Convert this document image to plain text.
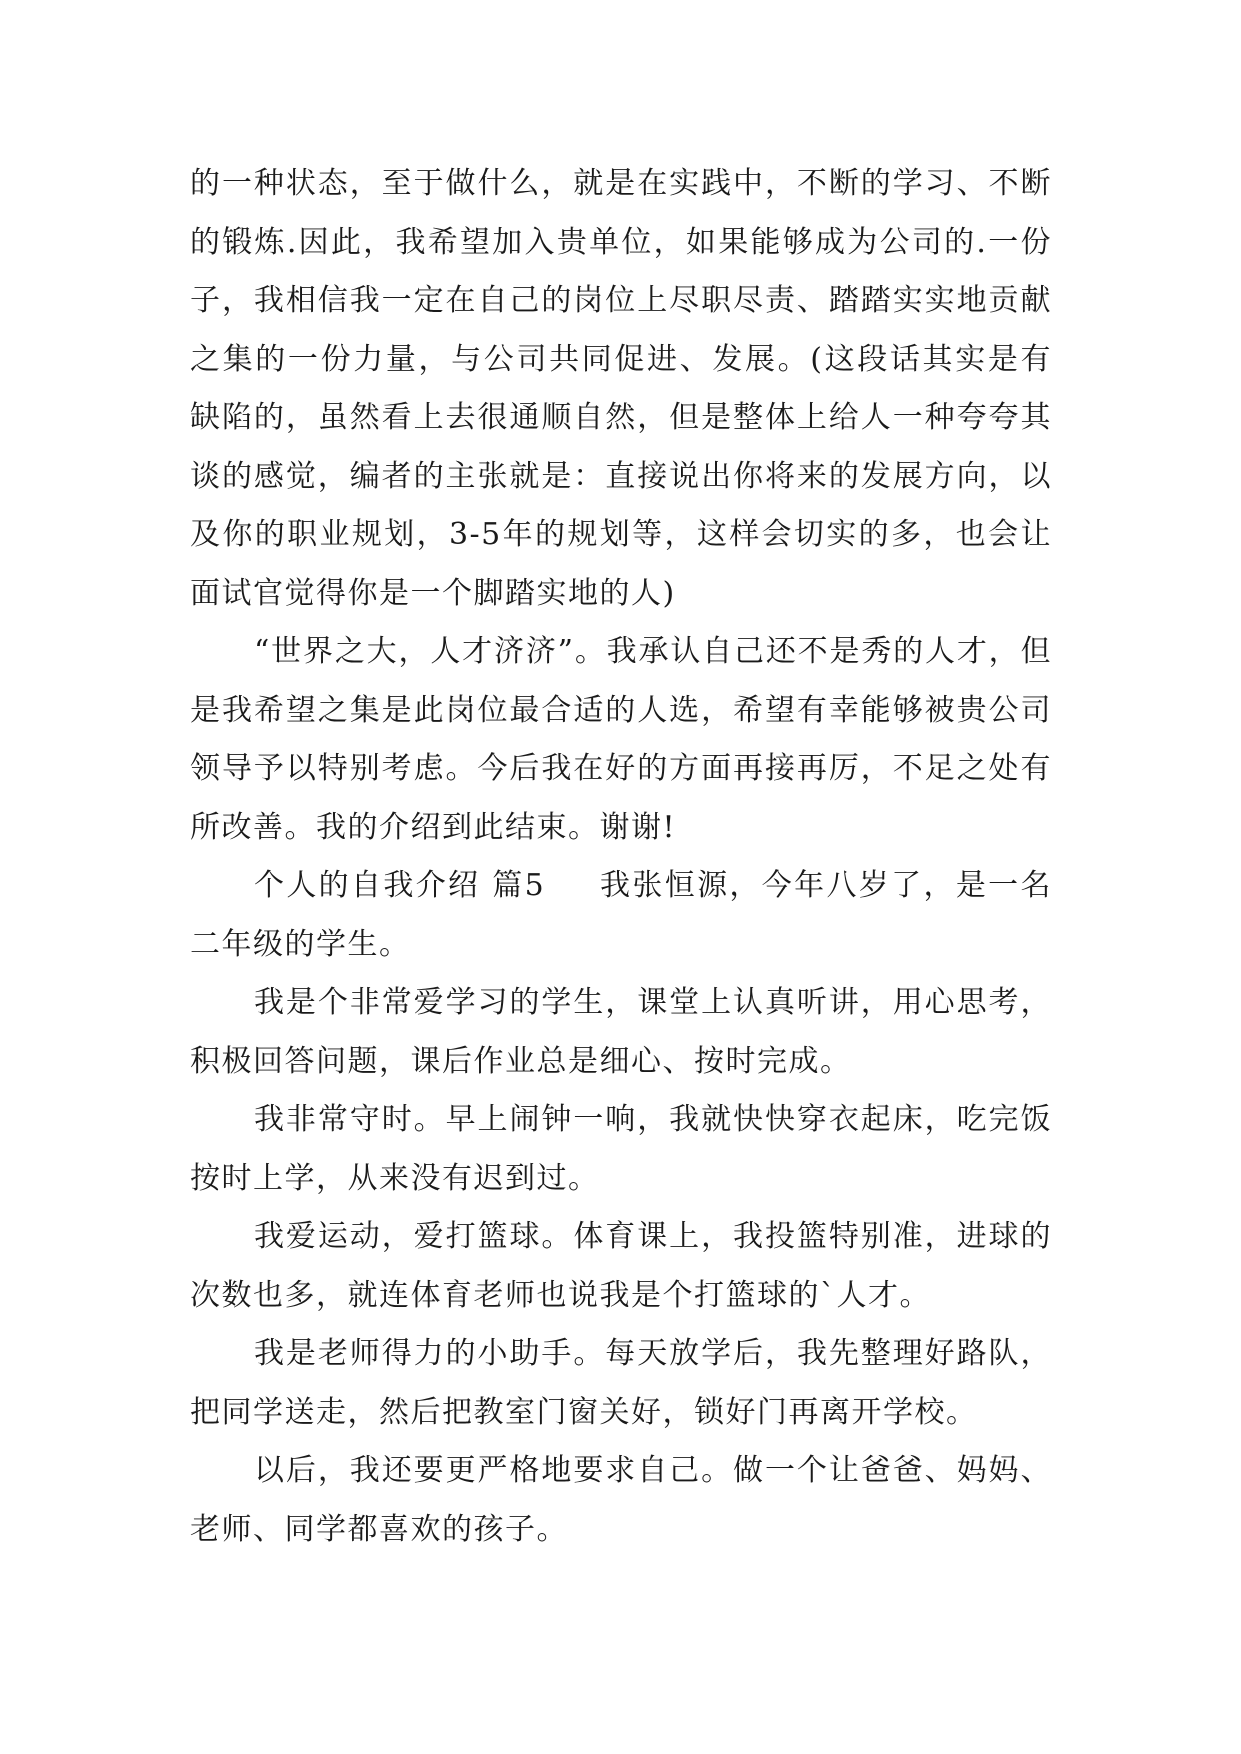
的一种状态，至于做什么，就是在实践中，不断的学习、不断的锻炼.因此，我希望加入贵单位，如果能够成为公司的.一份子，我相信我一定在自己的岗位上尽职尽责、踏踏实实地贡献之集的一份力量，与公司共同促进、发展。(这段话其实是有缺陷的，虽然看上去很通顺自然，但是整体上给人一种夸夸其谈的感觉，编者的主张就是：直接说出你将来的发展方向，以及你的职业规划，3-5年的规划等，这样会切实的多，也会让面试官觉得你是一个脚踏实地的人)

“世界之大，人才济济”。我承认自己还不是秀的人才，但是我希望之集是此岗位最合适的人选，希望有幸能够被贵公司领导予以特别考虑。今后我在好的方面再接再厉，不足之处有所改善。我的介绍到此结束。谢谢!

个人的自我介绍 篇5 我张恒源，今年八岁了，是一名二年级的学生。

我是个非常爱学习的学生，课堂上认真听讲，用心思考，积极回答问题，课后作业总是细心、按时完成。

我非常守时。早上闹钟一响，我就快快穿衣起床，吃完饭按时上学，从来没有迟到过。

我爱运动，爱打篮球。体育课上，我投篮特别准，进球的次数也多，就连体育老师也说我是个打篮球的`人才。

我是老师得力的小助手。每天放学后，我先整理好路队，把同学送走，然后把教室门窗关好，锁好门再离开学校。

以后，我还要更严格地要求自己。做一个让爸爸、妈妈、老师、同学都喜欢的孩子。
